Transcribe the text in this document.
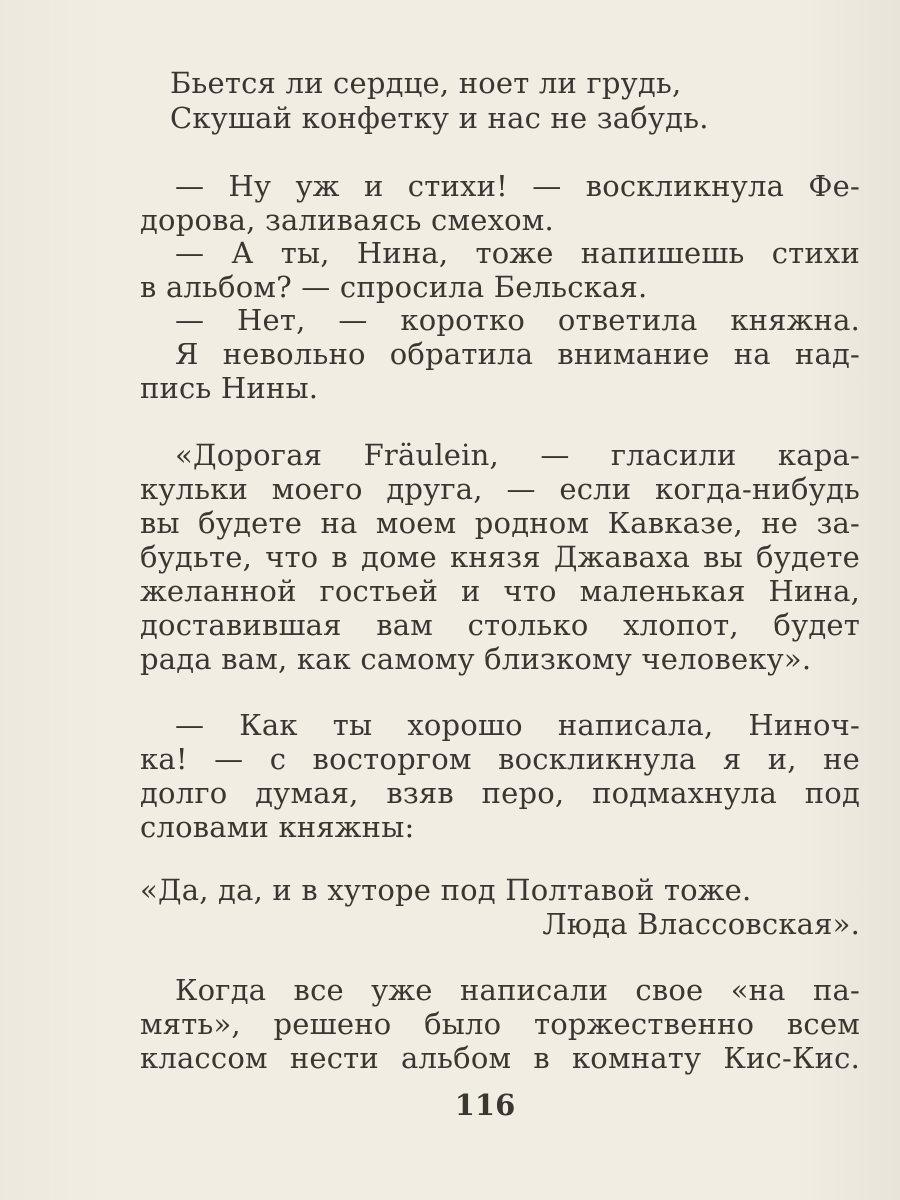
Бьется ли сердце, ноет ли грудь,
Скушай конфетку и нас не забудь.
— Ну уж и стихи! — воскликнула Фе-
дорова, заливаясь смехом.
— А ты, Нина, тоже напишешь стихи
в альбом? — спросила Бельская.
— Нет, — коротко ответила княжна.
Я невольно обратила внимание на над-
пись Нины.
«Дорогая Fräulein, — гласили кара-
кульки моего друга, — если когда-нибудь
вы будете на моем родном Кавказе, не за-
будьте, что в доме князя Джаваха вы будете
желанной гостьей и что маленькая Нина,
доставившая вам столько хлопот, будет
рада вам, как самому близкому человеку».
— Как ты хорошо написала, Ниноч-
ка! — с восторгом воскликнула я и, не
долго думая, взяв перо, подмахнула под
словами княжны:
«Да, да, и в хуторе под Полтавой тоже.
Люда Влассовская».
Когда все уже написали свое «на па-
мять», решено было торжественно всем
классом нести альбом в комнату Кис-Кис.
116
